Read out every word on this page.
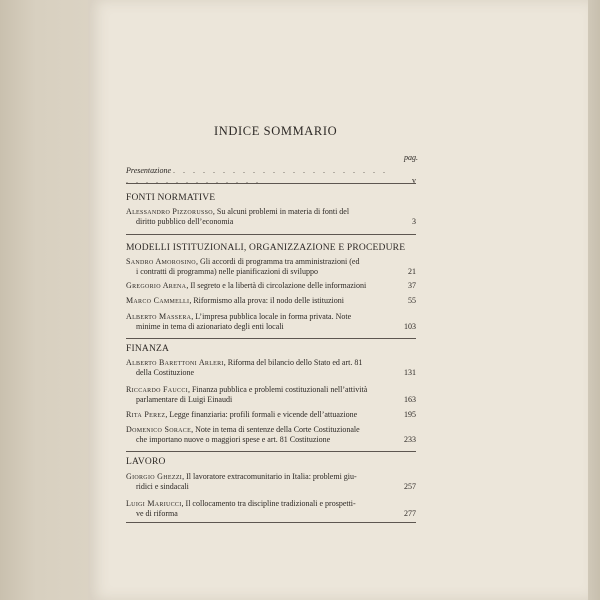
INDICE SOMMARIO
pag.
Presentazione . . . . . . . . . . . . . . . . . . . . . . . . . . . . . . . . . . . .	v
FONTI NORMATIVE
Alessandro Pizzorusso, Su alcuni problemi in materia di fonti del
diritto pubblico dell’economia	3
MODELLI ISTITUZIONALI, ORGANIZZAZIONE E PROCEDURE
Sandro Amorosino, Gli accordi di programma tra amministrazioni (ed
i contratti di programma) nelle pianificazioni di sviluppo	21
Gregorio Arena, Il segreto e la libertà di circolazione delle informazioni	37
Marco Cammelli, Riformismo alla prova: il nodo delle istituzioni	55
Alberto Massera, L’impresa pubblica locale in forma privata. Note
minime in tema di azionariato degli enti locali	103
FINANZA
Alberto Barettoni Arleri, Riforma del bilancio dello Stato ed art. 81
della Costituzione	131
Riccardo Faucci, Finanza pubblica e problemi costituzionali nell’attività
parlamentare di Luigi Einaudi	163
Rita Perez, Legge finanziaria: profili formali e vicende dell’attuazione	195
Domenico Sorace, Note in tema di sentenze della Corte Costituzionale
che importano nuove o maggiori spese e art. 81 Costituzione	233
LAVORO
Giorgio Ghezzi, Il lavoratore extracomunitario in Italia: problemi giu-
ridici e sindacali	257
Luigi Mariucci, Il collocamento tra discipline tradizionali e prospetti-
ve di riforma	277
